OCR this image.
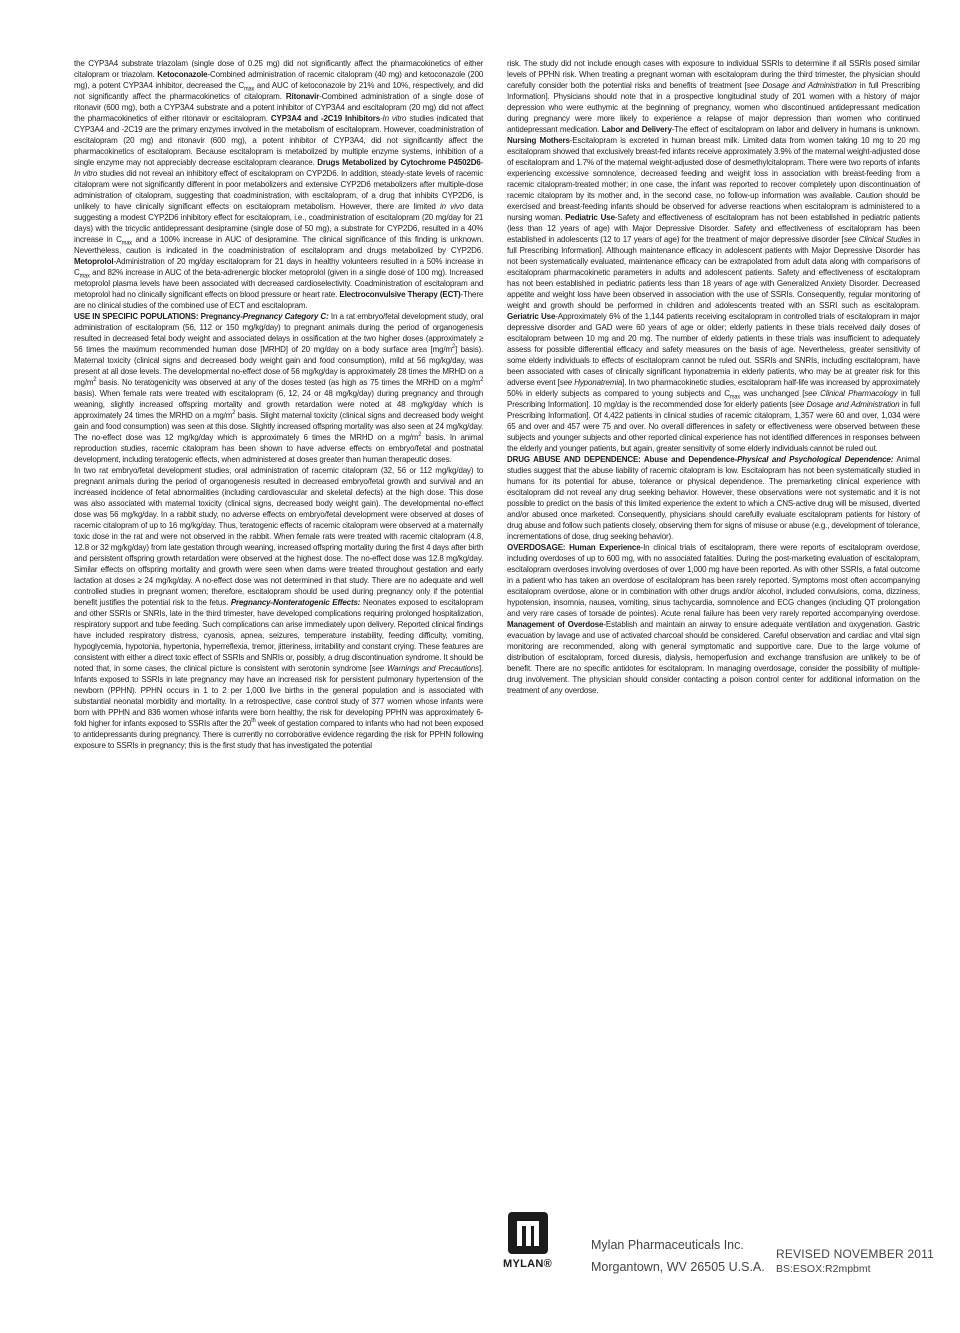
the CYP3A4 substrate triazolam (single dose of 0.25 mg) did not significantly affect the pharmacokinetics of either citalopram or triazolam. Ketoconazole-Combined administration of racemic citalopram (40 mg) and ketoconazole (200 mg), a potent CYP3A4 inhibitor, decreased the $C_{max}$ and AUC of ketoconazole by 21% and 10%, respectively, and did not significantly affect the pharmacokinetics of citalopram. Ritonavir-Combined administration of a single dose of ritonavir (600 mg), both a CYP3A4 substrate and a potent inhibitor of CYP3A4 and escitalopram (20 mg) did not affect the pharmacokinetics of either ritonavir or escitalopram. CYP3A4 and -2C19 Inhibitors-In vitro studies indicated that CYP3A4 and -2C19 are the primary enzymes involved in the metabolism of escitalopram. However, coadministration of escitalopram (20 mg) and ritonavir (600 mg), a potent inhibitor of CYP3A4, did not significantly affect the pharmacokinetics of escitalopram. Because escitalopram is metabolized by multiple enzyme systems, inhibition of a single enzyme may not appreciably decrease escitalopram clearance. Drugs Metabolized by Cytochrome P4502D6-In vitro studies did not reveal an inhibitory effect of escitalopram on CYP2D6. In addition, steady-state levels of racemic citalopram were not significantly different in poor metabolizers and extensive CYP2D6 metabolizers after multiple-dose administration of citalopram, suggesting that coadministration, with escitalopram, of a drug that inhibits CYP2D6, is unlikely to have clinically significant effects on escitalopram metabolism. However, there are limited in vivo data suggesting a modest CYP2D6 inhibitory effect for escitalopram, i.e., coadministration of escitalopram (20 mg/day for 21 days) with the tricyclic antidepressant desipramine (single dose of 50 mg), a substrate for CYP2D6, resulted in a 40% increase in $C_{max}$ and a 100% increase in AUC of desipramine. The clinical significance of this finding is unknown. Nevertheless, caution is indicated in the coadministration of escitalopram and drugs metabolized by CYP2D6. Metoprolol-Administration of 20 mg/day escitalopram for 21 days in healthy volunteers resulted in a 50% increase in $C_{max}$ and 82% increase in AUC of the beta-adrenergic blocker metoprolol (given in a single dose of 100 mg). Increased metoprolol plasma levels have been associated with decreased cardioselectivity. Coadministration of escitalopram and metoprolol had no clinically significant effects on blood pressure or heart rate. Electroconvulsive Therapy (ECT)-There are no clinical studies of the combined use of ECT and escitalopram.

USE IN SPECIFIC POPULATIONS: Pregnancy-Pregnancy Category C: In a rat embryo/fetal development study, oral administration of escitalopram (56, 112 or 150 mg/kg/day) to pregnant animals during the period of organogenesis resulted in decreased fetal body weight and associated delays in ossification at the two higher doses (approximately ≥ 56 times the maximum recommended human dose [MRHD] of 20 mg/day on a body surface area $[mg/m^2]$ basis). Maternal toxicity (clinical signs and decreased body weight gain and food consumption), mild at 56 mg/kg/day, was present at all dose levels. The developmental no-effect dose of 56 mg/kg/day is approximately 28 times the MRHD on a $mg/m^2$ basis. No teratogenicity was observed at any of the doses tested (as high as 75 times the MRHD on a $mg/m^2$ basis). When female rats were treated with escitalopram (6, 12, 24 or 48 mg/kg/day) during pregnancy and through weaning, slightly increased offspring mortality and growth retardation were noted at 48 mg/kg/day which is approximately 24 times the MRHD on a $mg/m^2$ basis. Slight maternal toxicity (clinical signs and decreased body weight gain and food consumption) was seen at this dose. Slightly increased offspring mortality was also seen at 24 mg/kg/day. The no-effect dose was 12 mg/kg/day which is approximately 6 times the MRHD on a $mg/m^2$ basis. In animal reproduction studies, racemic citalopram has been shown to have adverse effects on embryo/fetal and postnatal development, including teratogenic effects, when administered at doses greater than human therapeutic doses.

In two rat embryo/fetal development studies, oral administration of racemic citalopram (32, 56 or 112 mg/kg/day) to pregnant animals during the period of organogenesis resulted in decreased embryo/fetal growth and survival and an increased incidence of fetal abnormalities (including cardiovascular and skeletal defects) at the high dose. This dose was also associated with maternal toxicity (clinical signs, decreased body weight gain). The developmental no-effect dose was 56 mg/kg/day. In a rabbit study, no adverse effects on embryo/fetal development were observed at doses of racemic citalopram of up to 16 mg/kg/day. Thus, teratogenic effects of racemic citalopram were observed at a maternally toxic dose in the rat and were not observed in the rabbit. When female rats were treated with racemic citalopram (4.8, 12.8 or 32 mg/kg/day) from late gestation through weaning, increased offspring mortality during the first 4 days after birth and persistent offspring growth retardation were observed at the highest dose. The no-effect dose was 12.8 mg/kg/day. Similar effects on offspring mortality and growth were seen when dams were treated throughout gestation and early lactation at doses ≥ 24 mg/kg/day. A no-effect dose was not determined in that study. There are no adequate and well controlled studies in pregnant women; therefore, escitalopram should be used during pregnancy only if the potential benefit justifies the potential risk to the fetus. Pregnancy-Nonteratogenic Effects: Neonates exposed to escitalopram and other SSRIs or SNRIs, late in the third trimester, have developed complications requiring prolonged hospitalization, respiratory support and tube feeding. Such complications can arise immediately upon delivery. Reported clinical findings have included respiratory distress, cyanosis, apnea, seizures, temperature instability, feeding difficulty, vomiting, hypoglycemia, hypotonia, hypertonia, hyperreflexia, tremor, jitteriness, irritability and constant crying. These features are consistent with either a direct toxic effect of SSRIs and SNRIs or, possibly, a drug discontinuation syndrome. It should be noted that, in some cases, the clinical picture is consistent with serotonin syndrome [see Warnings and Precautions]. Infants exposed to SSRIs in late pregnancy may have an increased risk for persistent pulmonary hypertension of the newborn (PPHN). PPHN occurs in 1 to 2 per 1,000 live births in the general population and is associated with substantial neonatal morbidity and mortality. In a retrospective, case control study of 377 women whose infants were born with PPHN and 836 women whose infants were born healthy, the risk for developing PPHN was approximately 6-fold higher for infants exposed to SSRIs after the 20th week of gestation compared to infants who had not been exposed to antidepressants during pregnancy. There is currently no corroborative evidence regarding the risk for PPHN following exposure to SSRIs in pregnancy; this is the first study that has investigated the potential

risk. The study did not include enough cases with exposure to individual SSRIs to determine if all SSRIs posed similar levels of PPHN risk. When treating a pregnant woman with escitalopram during the third trimester, the physician should carefully consider both the potential risks and benefits of treatment [see Dosage and Administration in full Prescribing Information]. Physicians should note that in a prospective longitudinal study of 201 women with a history of major depression who were euthymic at the beginning of pregnancy, women who discontinued antidepressant medication during pregnancy were more likely to experience a relapse of major depression than women who continued antidepressant medication. Labor and Delivery-The effect of escitalopram on labor and delivery in humans is unknown. Nursing Mothers-Escitalopram is excreted in human breast milk. Limited data from women taking 10 mg to 20 mg escitalopram showed that exclusively breast-fed infants receive approximately 3.9% of the maternal weight-adjusted dose of escitalopram and 1.7% of the maternal weight-adjusted dose of desmethylcitalopram. There were two reports of infants experiencing excessive somnolence, decreased feeding and weight loss in association with breast-feeding from a racemic citalopram-treated mother; in one case, the infant was reported to recover completely upon discontinuation of racemic citalopram by its mother and, in the second case, no follow-up information was available. Caution should be exercised and breast-feeding infants should be observed for adverse reactions when escitalopram is administered to a nursing woman. Pediatric Use-Safety and effectiveness of escitalopram has not been established in pediatric patients (less than 12 years of age) with Major Depressive Disorder. Safety and effectiveness of escitalopram has been established in adolescents (12 to 17 years of age) for the treatment of major depressive disorder [see Clinical Studies in full Prescribing Information]. Although maintenance efficacy in adolescent patients with Major Depressive Disorder has not been systematically evaluated, maintenance efficacy can be extrapolated from adult data along with comparisons of escitalopram pharmacokinetic parameters in adults and adolescent patients. Safety and effectiveness of escitalopram has not been established in pediatric patients less than 18 years of age with Generalized Anxiety Disorder. Decreased appetite and weight loss have been observed in association with the use of SSRIs. Consequently, regular monitoring of weight and growth should be performed in children and adolescents treated with an SSRI such as escitalopram. Geriatric Use-Approximately 6% of the 1,144 patients receiving escitalopram in controlled trials of escitalopram in major depressive disorder and GAD were 60 years of age or older; elderly patients in these trials received daily doses of escitalopram between 10 mg and 20 mg. The number of elderly patients in these trials was insufficient to adequately assess for possible differential efficacy and safety measures on the basis of age. Nevertheless, greater sensitivity of some elderly individuals to effects of escitalopram cannot be ruled out. SSRIs and SNRIs, including escitalopram, have been associated with cases of clinically significant hyponatremia in elderly patients, who may be at greater risk for this adverse event [see Hyponatremia]. In two pharmacokinetic studies, escitalopram half-life was increased by approximately 50% in elderly subjects as compared to young subjects and $C_{max}$ was unchanged [see Clinical Pharmacology in full Prescribing Information]. 10 mg/day is the recommended dose for elderly patients [see Dosage and Administration in full Prescribing Information]. Of 4,422 patients in clinical studies of racemic citalopram, 1,357 were 60 and over, 1,034 were 65 and over and 457 were 75 and over. No overall differences in safety or effectiveness were observed between these subjects and younger subjects and other reported clinical experience has not identified differences in responses between the elderly and younger patients, but again, greater sensitivity of some elderly individuals cannot be ruled out.

DRUG ABUSE AND DEPENDENCE: Abuse and Dependence-Physical and Psychological Dependence: Animal studies suggest that the abuse liability of racemic citalopram is low. Escitalopram has not been systematically studied in humans for its potential for abuse, tolerance or physical dependence. The premarketing clinical experience with escitalopram did not reveal any drug seeking behavior. However, these observations were not systematic and it is not possible to predict on the basis of this limited experience the extent to which a CNS-active drug will be misused, diverted and/or abused once marketed. Consequently, physicians should carefully evaluate escitalopram patients for history of drug abuse and follow such patients closely, observing them for signs of misuse or abuse (e.g., development of tolerance, incrementations of dose, drug seeking behavior).

OVERDOSAGE: Human Experience-In clinical trials of escitalopram, there were reports of escitalopram overdose, including overdoses of up to 600 mg, with no associated fatalities. During the post-marketing evaluation of escitalopram, escitalopram overdoses involving overdoses of over 1,000 mg have been reported. As with other SSRIs, a fatal outcome in a patient who has taken an overdose of escitalopram has been rarely reported. Symptoms most often accompanying escitalopram overdose, alone or in combination with other drugs and/or alcohol, included convulsions, coma, dizziness, hypotension, insomnia, nausea, vomiting, sinus tachycardia, somnolence and ECG changes (including QT prolongation and very rare cases of torsade de pointes). Acute renal failure has been very rarely reported accompanying overdose. Management of Overdose-Establish and maintain an airway to ensure adequate ventilation and oxygenation. Gastric evacuation by lavage and use of activated charcoal should be considered. Careful observation and cardiac and vital sign monitoring are recommended, along with general symptomatic and supportive care. Due to the large volume of distribution of escitalopram, forced diuresis, dialysis, hemoperfusion and exchange transfusion are unlikely to be of benefit. There are no specific antidotes for escitalopram. In managing overdosage, consider the possibility of multiple-drug involvement. The physician should consider contacting a poison control center for additional information on the treatment of any overdose.

MYLAN®
Mylan Pharmaceuticals Inc.
Morgantown, WV 26505 U.S.A.
REVISED NOVEMBER 2011
BS:ESOX:R2mpbmt
